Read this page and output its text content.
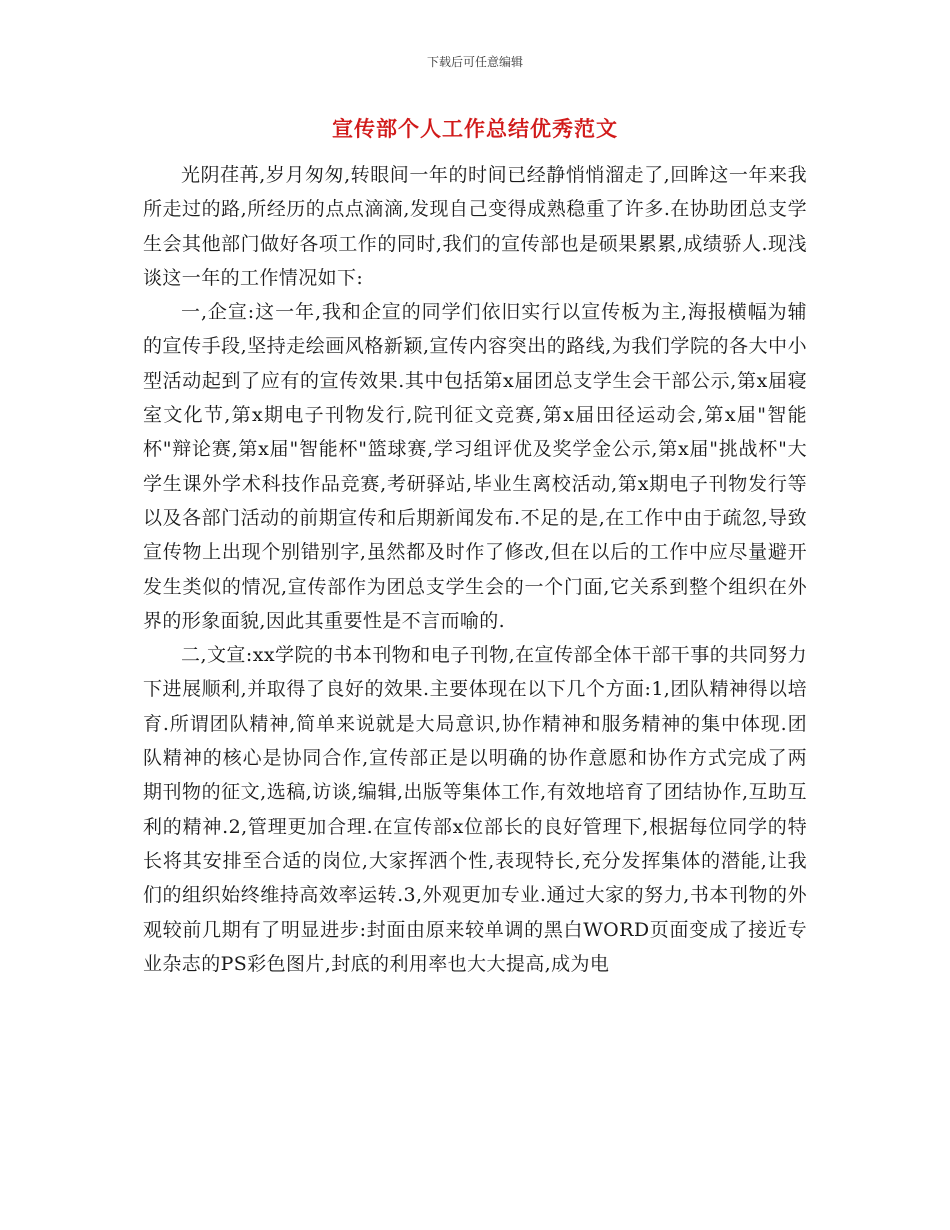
下载后可任意编辑
宣传部个人工作总结优秀范文

光阴荏苒,岁月匆匆,转眼间一年的时间已经静悄悄溜走了,回眸这一年来我所走过的路,所经历的点点滴滴,发现自己变得成熟稳重了许多.在协助团总支学生会其他部门做好各项工作的同时,我们的宣传部也是硕果累累,成绩骄人.现浅谈这一年的工作情况如下:

一,企宣:这一年,我和企宣的同学们依旧实行以宣传板为主,海报横幅为辅的宣传手段,坚持走绘画风格新颖,宣传内容突出的路线,为我们学院的各大中小型活动起到了应有的宣传效果.其中包括第x届团总支学生会干部公示,第x届寝室文化节,第x期电子刊物发行,院刊征文竞赛,第x届田径运动会,第x届"智能杯"辩论赛,第x届"智能杯"篮球赛,学习组评优及奖学金公示,第x届"挑战杯"大学生课外学术科技作品竞赛,考研驿站,毕业生离校活动,第x期电子刊物发行等以及各部门活动的前期宣传和后期新闻发布.不足的是,在工作中由于疏忽,导致宣传物上出现个别错别字,虽然都及时作了修改,但在以后的工作中应尽量避开发生类似的情况,宣传部作为团总支学生会的一个门面,它关系到整个组织在外界的形象面貌,因此其重要性是不言而喻的.

二,文宣:xx学院的书本刊物和电子刊物,在宣传部全体干部干事的共同努力下进展顺利,并取得了良好的效果.主要体现在以下几个方面:1,团队精神得以培育.所谓团队精神,简单来说就是大局意识,协作精神和服务精神的集中体现.团队精神的核心是协同合作,宣传部正是以明确的协作意愿和协作方式完成了两期刊物的征文,选稿,访谈,编辑,出版等集体工作,有效地培育了团结协作,互助互利的精神.2,管理更加合理.在宣传部x位部长的良好管理下,根据每位同学的特长将其安排至合适的岗位,大家挥洒个性,表现特长,充分发挥集体的潜能,让我们的组织始终维持高效率运转.3,外观更加专业.通过大家的努力,书本刊物的外观较前几期有了明显进步:封面由原来较单调的黑白WORD页面变成了接近专业杂志的PS彩色图片,封底的利用率也大大提高,成为电
